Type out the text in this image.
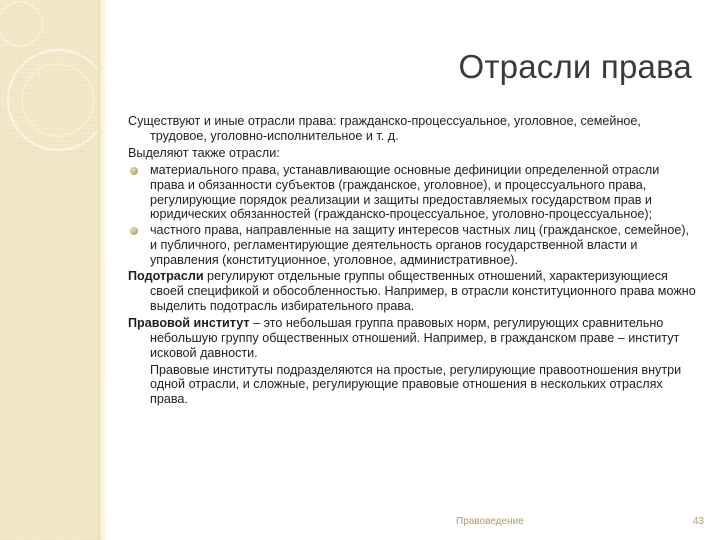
Отрасли права

Существуют и иные отрасли права: гражданско-процессуальное, уголовное, семейное, трудовое, уголовно-исполнительное и т. д.

Выделяют также отрасли:

материального права, устанавливающие основные дефиниции определенной отрасли права и обязанности субъектов (гражданское, уголовное), и процессуального права, регулирующие порядок реализации и защиты предоставляемых государством прав и юридических обязанностей (гражданско-процессуальное, уголовно-процессуальное);
частного права, направленные на защиту интересов частных лиц (гражданское, семейное), и публичного, регламентирующие деятельность органов государственной власти и управления (конституционное, уголовное, административное).

Подотрасли регулируют отдельные группы общественных отношений, характеризующиеся своей спецификой и обособленностью. Например, в отрасли конституционного права можно выделить подотрасль избирательного права.

Правовой институт – это небольшая группа правовых норм, регулирующих сравнительно небольшую группу общественных отношений. Например, в гражданском праве – институт исковой давности.

Правовые институты подразделяются на простые, регулирующие правоотношения внутри одной отрасли, и сложные, регулирующие правовые отношения в нескольких отраслях права.

Правоведение	43
